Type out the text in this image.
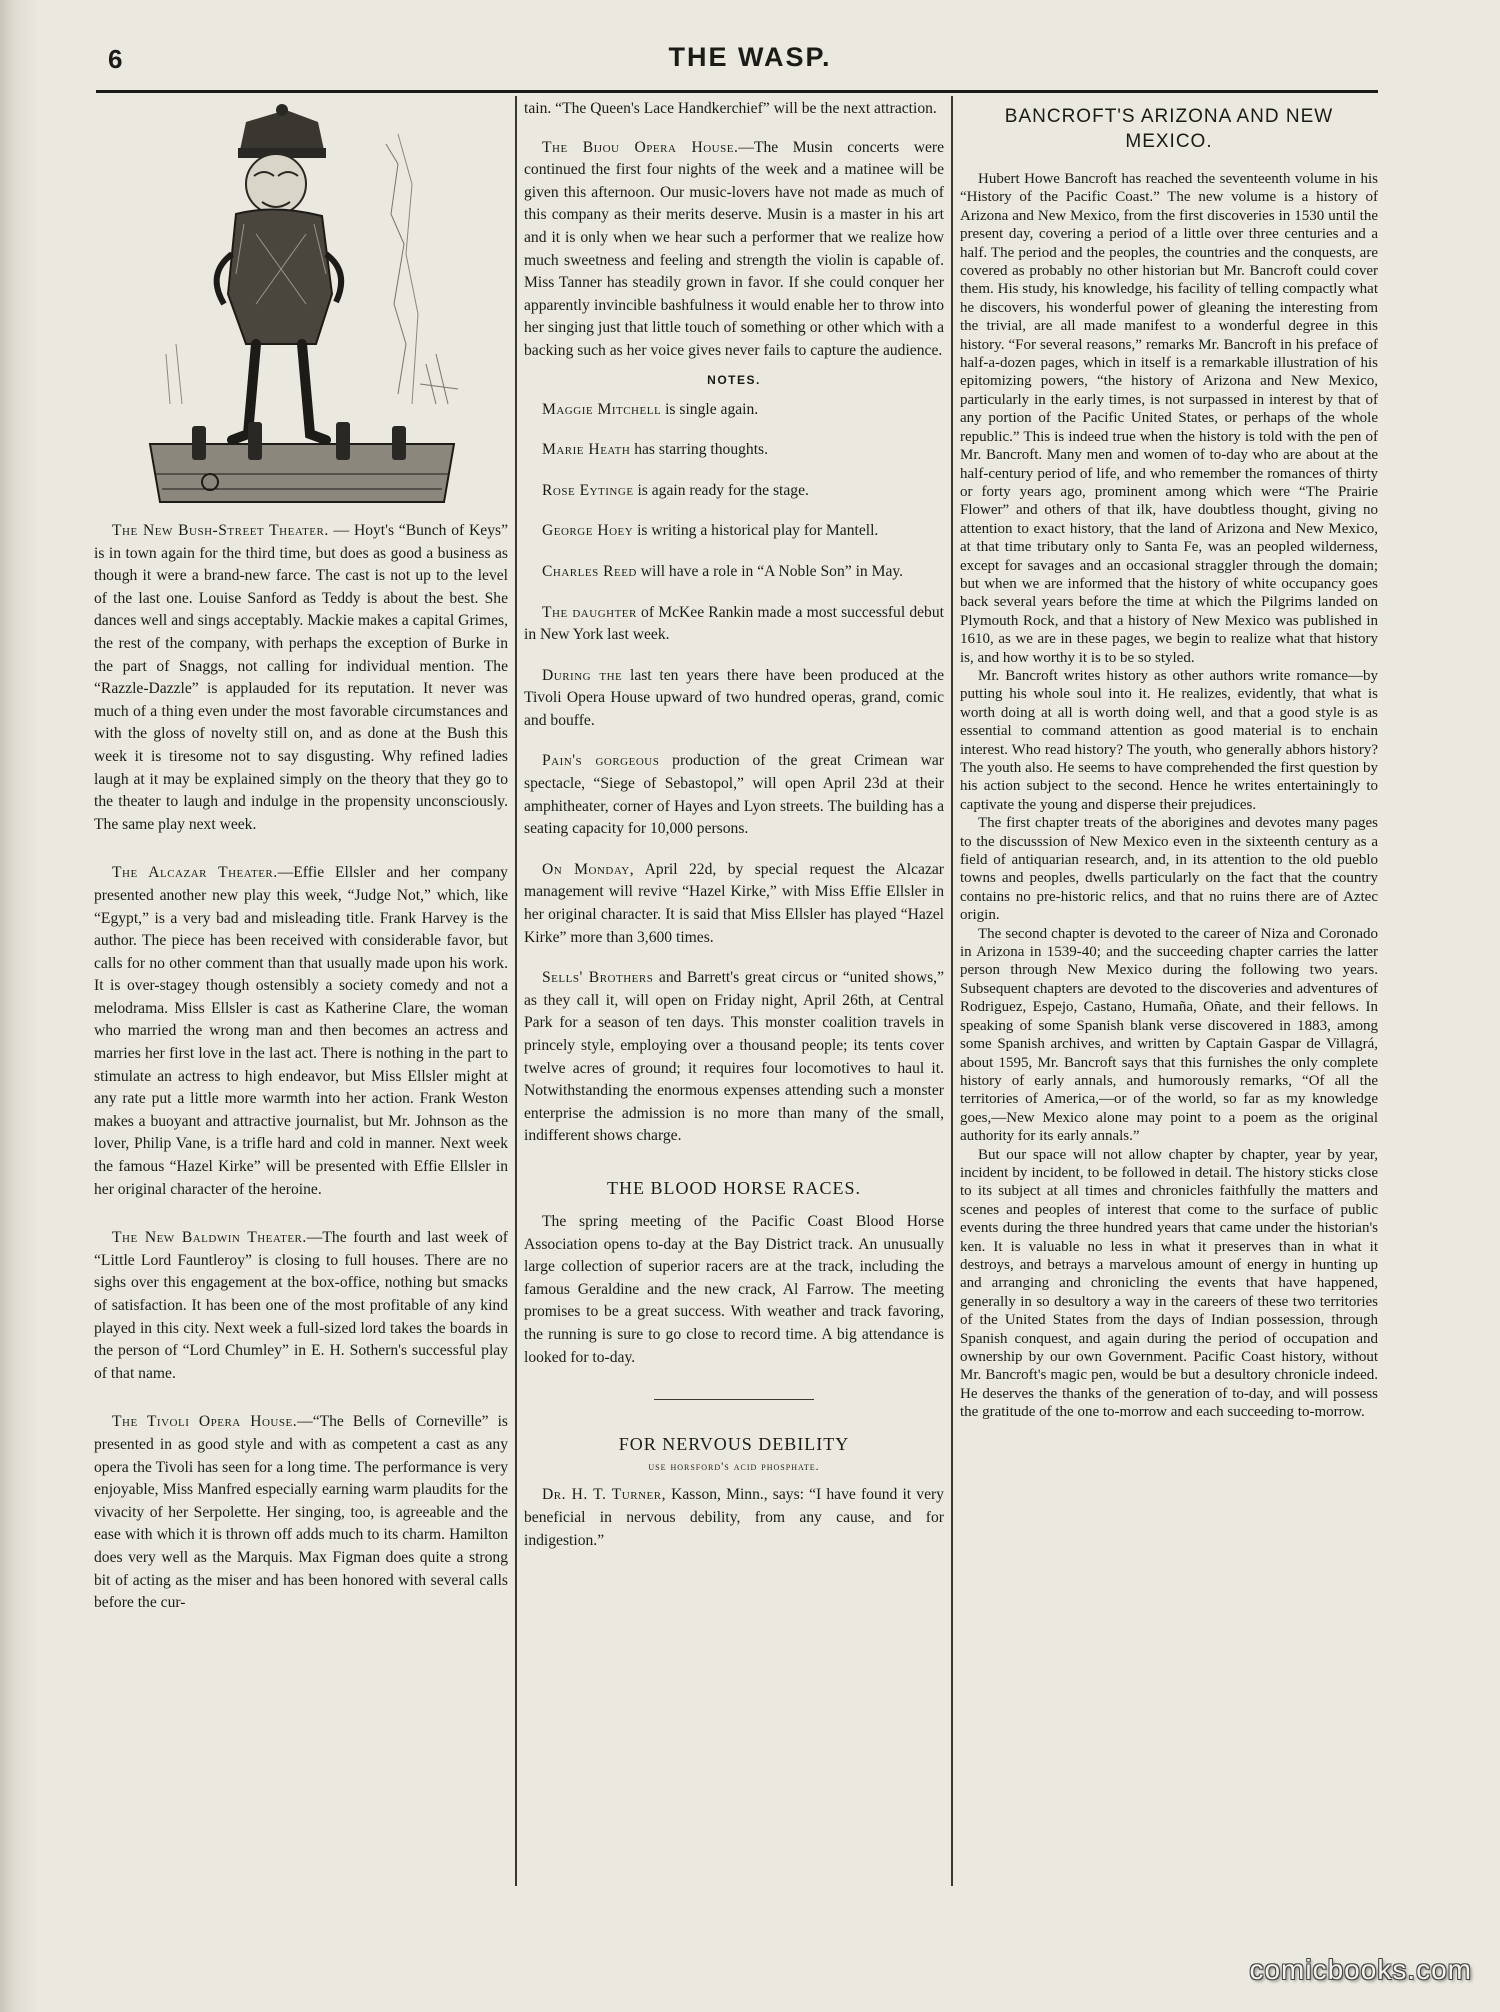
6	THE WASP.

The New Bush-Street Theater. — Hoyt's “Bunch of Keys” is in town again for the third time, but does as good a business as though it were a brand-new farce. The cast is not up to the level of the last one. Louise Sanford as Teddy is about the best. She dances well and sings acceptably. Mackie makes a capital Grimes, the rest of the company, with perhaps the exception of Burke in the part of Snaggs, not calling for individual mention. The “Razzle-Dazzle” is applauded for its reputation. It never was much of a thing even under the most favorable circumstances and with the gloss of novelty still on, and as done at the Bush this week it is tiresome not to say disgusting. Why refined ladies laugh at it may be explained simply on the theory that they go to the theater to laugh and indulge in the propensity unconsciously. The same play next week.

The Alcazar Theater.—Effie Ellsler and her company presented another new play this week, “Judge Not,” which, like “Egypt,” is a very bad and misleading title. Frank Harvey is the author. The piece has been received with considerable favor, but calls for no other comment than that usually made upon his work. It is over-stagey though ostensibly a society comedy and not a melodrama. Miss Ellsler is cast as Katherine Clare, the woman who married the wrong man and then becomes an actress and marries her first love in the last act. There is nothing in the part to stimulate an actress to high endeavor, but Miss Ellsler might at any rate put a little more warmth into her action. Frank Weston makes a buoyant and attractive journalist, but Mr. Johnson as the lover, Philip Vane, is a trifle hard and cold in manner. Next week the famous “Hazel Kirke” will be presented with Effie Ellsler in her original character of the heroine.

The New Baldwin Theater.—The fourth and last week of “Little Lord Fauntleroy” is closing to full houses. There are no sighs over this engagement at the box-office, nothing but smacks of satisfaction. It has been one of the most profitable of any kind played in this city. Next week a full-sized lord takes the boards in the person of “Lord Chumley” in E. H. Sothern's successful play of that name.

The Tivoli Opera House.—“The Bells of Corneville” is presented in as good style and with as competent a cast as any opera the Tivoli has seen for a long time. The performance is very enjoyable, Miss Manfred especially earning warm plaudits for the vivacity of her Serpolette. Her singing, too, is agreeable and the ease with which it is thrown off adds much to its charm. Hamilton does very well as the Marquis. Max Figman does quite a strong bit of acting as the miser and has been honored with several calls before the cur-

tain. “The Queen's Lace Handkerchief” will be the next attraction.

The Bijou Opera House.—The Musin concerts were continued the first four nights of the week and a matinee will be given this afternoon. Our music-lovers have not made as much of this company as their merits deserve. Musin is a master in his art and it is only when we hear such a performer that we realize how much sweetness and feeling and strength the violin is capable of. Miss Tanner has steadily grown in favor. If she could conquer her apparently invincible bashfulness it would enable her to throw into her singing just that little touch of something or other which with a backing such as her voice gives never fails to capture the audience.

NOTES.

Maggie Mitchell is single again.

Marie Heath has starring thoughts.

Rose Eytinge is again ready for the stage.

George Hoey is writing a historical play for Mantell.

Charles Reed will have a role in “A Noble Son” in May.

The daughter of McKee Rankin made a most successful debut in New York last week.

During the last ten years there have been produced at the Tivoli Opera House upward of two hundred operas, grand, comic and bouffe.

Pain's gorgeous production of the great Crimean war spectacle, “Siege of Sebastopol,” will open April 23d at their amphitheater, corner of Hayes and Lyon streets. The building has a seating capacity for 10,000 persons.

On Monday, April 22d, by special request the Alcazar management will revive “Hazel Kirke,” with Miss Effie Ellsler in her original character. It is said that Miss Ellsler has played “Hazel Kirke” more than 3,600 times.

Sells' Brothers and Barrett's great circus or “united shows,” as they call it, will open on Friday night, April 26th, at Central Park for a season of ten days. This monster coalition travels in princely style, employing over a thousand people; its tents cover twelve acres of ground; it requires four locomotives to haul it. Notwithstanding the enormous expenses attending such a monster enterprise the admission is no more than many of the small, indifferent shows charge.

THE BLOOD HORSE RACES.

The spring meeting of the Pacific Coast Blood Horse Association opens to-day at the Bay District track. An unusually large collection of superior racers are at the track, including the famous Geraldine and the new crack, Al Farrow. The meeting promises to be a great success. With weather and track favoring, the running is sure to go close to record time. A big attendance is looked for to-day.

FOR NERVOUS DEBILITY
use horsford's acid phosphate.

Dr. H. T. Turner, Kasson, Minn., says: “I have found it very beneficial in nervous debility, from any cause, and for indigestion.”

BANCROFT'S ARIZONA AND NEW MEXICO.

Hubert Howe Bancroft has reached the seventeenth volume in his “History of the Pacific Coast.” The new volume is a history of Arizona and New Mexico, from the first discoveries in 1530 until the present day, covering a period of a little over three centuries and a half. The period and the peoples, the countries and the conquests, are covered as probably no other historian but Mr. Bancroft could cover them. His study, his knowledge, his facility of telling compactly what he discovers, his wonderful power of gleaning the interesting from the trivial, are all made manifest to a wonderful degree in this history. “For several reasons,” remarks Mr. Bancroft in his preface of half-a-dozen pages, which in itself is a remarkable illustration of his epitomizing powers, “the history of Arizona and New Mexico, particularly in the early times, is not surpassed in interest by that of any portion of the Pacific United States, or perhaps of the whole republic.” This is indeed true when the history is told with the pen of Mr. Bancroft. Many men and women of to-day who are about at the half-century period of life, and who remember the romances of thirty or forty years ago, prominent among which were “The Prairie Flower” and others of that ilk, have doubtless thought, giving no attention to exact history, that the land of Arizona and New Mexico, at that time tributary only to Santa Fe, was an peopled wilderness, except for savages and an occasional straggler through the domain; but when we are informed that the history of white occupancy goes back several years before the time at which the Pilgrims landed on Plymouth Rock, and that a history of New Mexico was published in 1610, as we are in these pages, we begin to realize what that history is, and how worthy it is to be so styled.

Mr. Bancroft writes history as other authors write romance—by putting his whole soul into it. He realizes, evidently, that what is worth doing at all is worth doing well, and that a good style is as essential to command attention as good material is to enchain interest. Who read history? The youth, who generally abhors history? The youth also. He seems to have comprehended the first question by his action subject to the second. Hence he writes entertainingly to captivate the young and disperse their prejudices.

The first chapter treats of the aborigines and devotes many pages to the discusssion of New Mexico even in the sixteenth century as a field of antiquarian research, and, in its attention to the old pueblo towns and peoples, dwells particularly on the fact that the country contains no pre-historic relics, and that no ruins there are of Aztec origin.

The second chapter is devoted to the career of Niza and Coronado in Arizona in 1539-40; and the succeeding chapter carries the latter person through New Mexico during the following two years. Subsequent chapters are devoted to the discoveries and adventures of Rodriguez, Espejo, Castano, Humaña, Oñate, and their fellows. In speaking of some Spanish blank verse discovered in 1883, among some Spanish archives, and written by Captain Gaspar de Villagrá, about 1595, Mr. Bancroft says that this furnishes the only complete history of early annals, and humorously remarks, “Of all the territories of America,—or of the world, so far as my knowledge goes,—New Mexico alone may point to a poem as the original authority for its early annals.”

But our space will not allow chapter by chapter, year by year, incident by incident, to be followed in detail. The history sticks close to its subject at all times and chronicles faithfully the matters and scenes and peoples of interest that come to the surface of public events during the three hundred years that came under the historian's ken. It is valuable no less in what it preserves than in what it destroys, and betrays a marvelous amount of energy in hunting up and arranging and chronicling the events that have happened, generally in so desultory a way in the careers of these two territories of the United States from the days of Indian possession, through Spanish conquest, and again during the period of occupation and ownership by our own Government. Pacific Coast history, without Mr. Bancroft's magic pen, would be but a desultory chronicle indeed. He deserves the thanks of the generation of to-day, and will possess the gratitude of the one to-morrow and each succeeding to-morrow.

comicbooks.com
